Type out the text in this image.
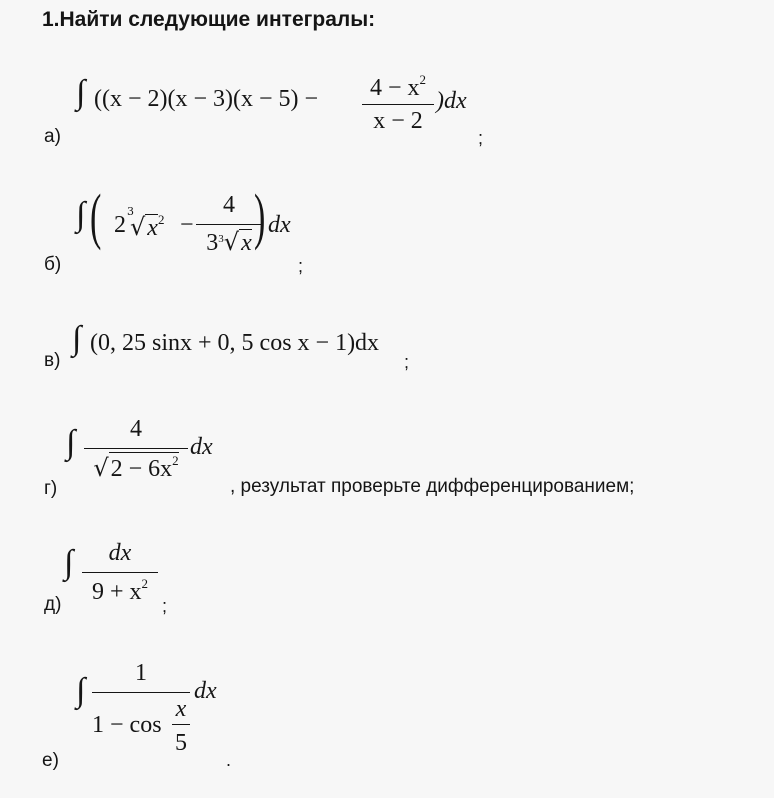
1.Найти следующие интегралы:
а)
∫ ((x − 2)(x − 3)(x − 5) −	$4 - x^2$
x − 2
)dx
;
б)
∫ ( 2
3
$√x^2$ −
4
$3^3√x$ ) dx
;
в)
∫ (0, 25 sinx + 0, 5 cos x − 1)dx
;
г)
∫	4
$√2 - 6x^2$
dx
, результат проверьте дифференцированием;
д)
∫	dx
$9 + x^2$
;
е)
∫	1
1 − cos
x
5
dx
.
